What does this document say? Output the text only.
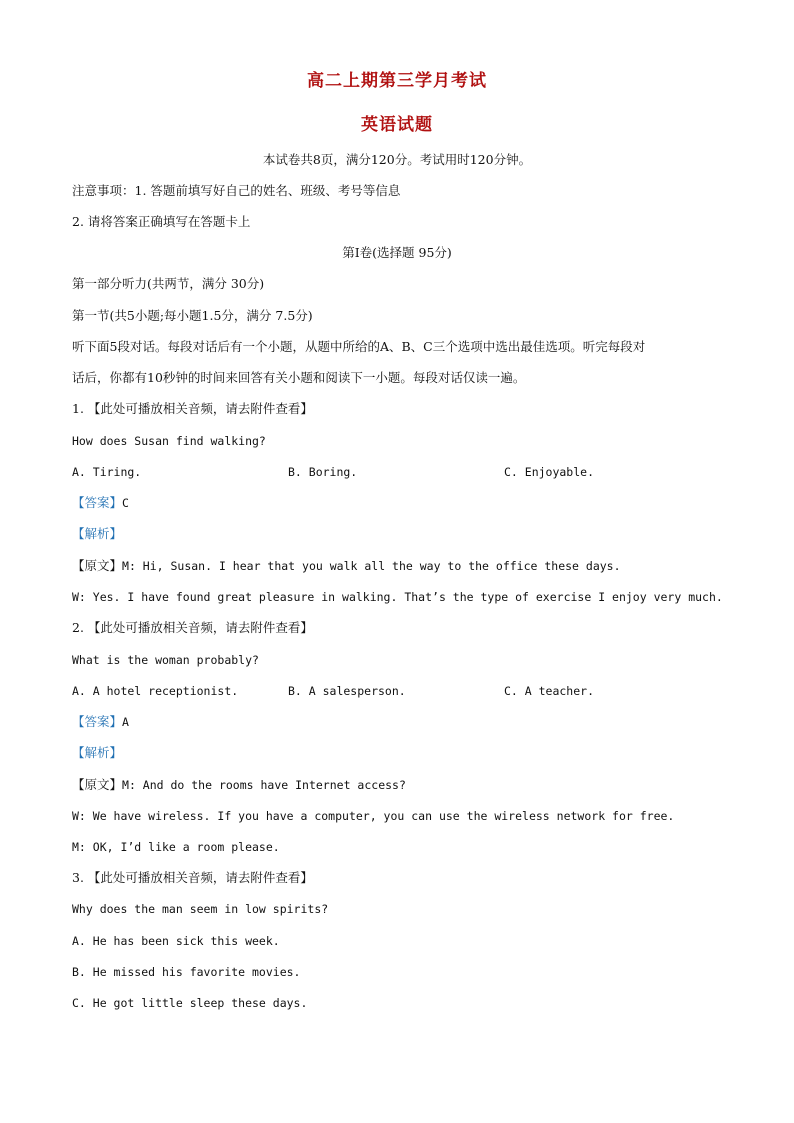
高二上期第三学月考试
英语试题
本试卷共8页，满分120分。考试用时120分钟。
注意事项：1. 答题前填写好自己的姓名、班级、考号等信息
2. 请将答案正确填写在答题卡上
第Ⅰ卷(选择题 95分)
第一部分听力(共两节，满分 30分)
第一节(共5小题;每小题1.5分，满分 7.5分)
听下面5段对话。每段对话后有一个小题，从题中所给的A、B、C三个选项中选出最佳选项。听完每段对
话后，你都有10秒钟的时间来回答有关小题和阅读下一小题。每段对话仅读一遍。
1. 【此处可播放相关音频，请去附件查看】
How does Susan find walking?
A. Tiring.	B. Boring.	C. Enjoyable.
【答案】C
【解析】
【原文】M: Hi, Susan. I hear that you walk all the way to the office these days.
W: Yes. I have found great pleasure in walking. That’s the type of exercise I enjoy very much.
2. 【此处可播放相关音频，请去附件查看】
What is the woman probably?
A. A hotel receptionist.	B. A salesperson.	C. A teacher.
【答案】A
【解析】
【原文】M: And do the rooms have Internet access?
W: We have wireless. If you have a computer, you can use the wireless network for free.
M: OK, I’d like a room please.
3. 【此处可播放相关音频，请去附件查看】
Why does the man seem in low spirits?
A. He has been sick this week.
B. He missed his favorite movies.
C. He got little sleep these days.
